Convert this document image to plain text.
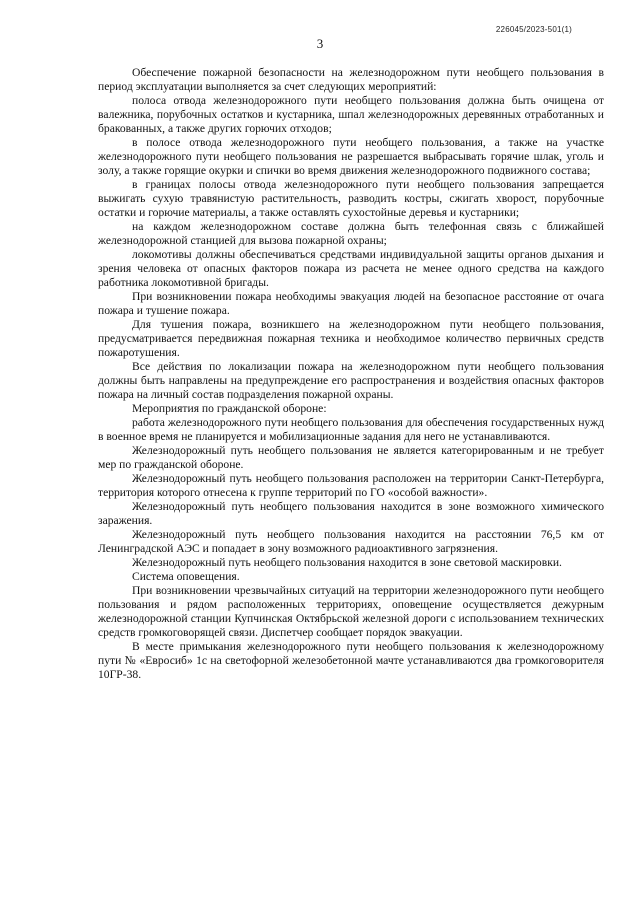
226045/2023-501(1)
3

Обеспечение пожарной безопасности на железнодорожном пути необщего пользования в период эксплуатации выполняется за счет следующих мероприятий:

полоса отвода железнодорожного пути необщего пользования должна быть очищена от валежника, порубочных остатков и кустарника, шпал железнодорожных деревянных отработанных и бракованных, а также других горючих отходов;

в полосе отвода железнодорожного пути необщего пользования, а также на участке железнодорожного пути необщего пользования не разрешается выбрасывать горячие шлак, уголь и золу, а также горящие окурки и спички во время движения железнодорожного подвижного состава;

в границах полосы отвода железнодорожного пути необщего пользования запрещается выжигать сухую травянистую растительность, разводить костры, сжигать хворост, порубочные остатки и горючие материалы, а также оставлять сухостойные деревья и кустарники;

на каждом железнодорожном составе должна быть телефонная связь с ближайшей железнодорожной станцией для вызова пожарной охраны;

локомотивы должны обеспечиваться средствами индивидуальной защиты органов дыхания и зрения человека от опасных факторов пожара из расчета не менее одного средства на каждого работника локомотивной бригады.

При возникновении пожара необходимы эвакуация людей на безопасное расстояние от очага пожара и тушение пожара.

Для тушения пожара, возникшего на железнодорожном пути необщего пользования, предусматривается передвижная пожарная техника и необходимое количество первичных средств пожаротушения.

Все действия по локализации пожара на железнодорожном пути необщего пользования должны быть направлены на предупреждение его распространения и воздействия опасных факторов пожара на личный состав подразделения пожарной охраны.

Мероприятия по гражданской обороне:

работа железнодорожного пути необщего пользования для обеспечения государственных нужд в военное время не планируется и мобилизационные задания для него не устанавливаются.

Железнодорожный путь необщего пользования не является категорированным и не требует мер по гражданской обороне.

Железнодорожный путь необщего пользования расположен на территории Санкт-Петербурга, территория которого отнесена к группе территорий по ГО «особой важности».

Железнодорожный путь необщего пользования находится в зоне возможного химического заражения.

Железнодорожный путь необщего пользования находится на расстоянии 76,5 км от Ленинградской АЭС и попадает в зону возможного радиоактивного загрязнения.

Железнодорожный путь необщего пользования находится в зоне световой маскировки.

Система оповещения.

При возникновении чрезвычайных ситуаций на территории железнодорожного пути необщего пользования и рядом расположенных территориях, оповещение осуществляется дежурным железнодорожной станции Купчинская Октябрьской железной дороги с использованием технических средств громкоговорящей связи. Диспетчер сообщает порядок эвакуации.

В месте примыкания железнодорожного пути необщего пользования к железнодорожному пути № «Евросиб» 1с на светофорной железобетонной мачте устанавливаются два громкоговорителя 10ГР-38.
